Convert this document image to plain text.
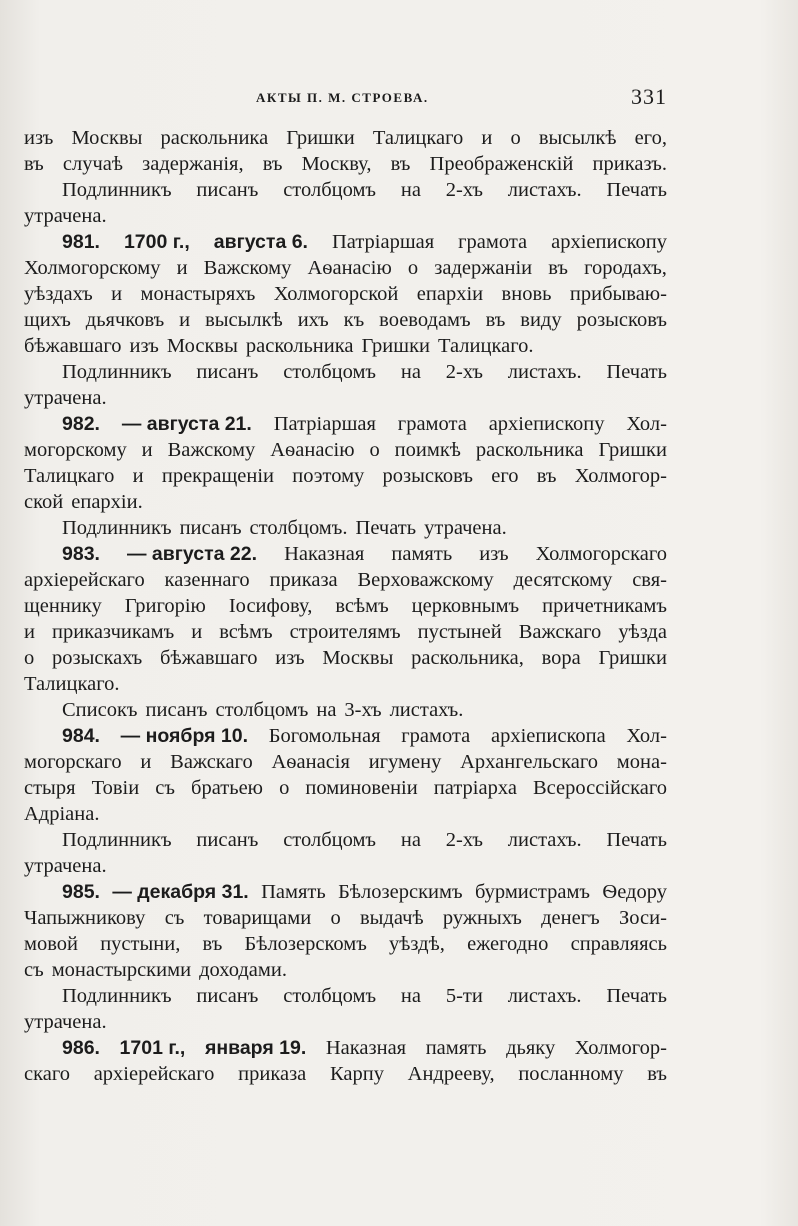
АКТЫ П. М. СТРОЕВА.	331
изъ Москвы раскольника Гришки Талицкаго и о высылкѣ его,
въ случаѣ задержанія, въ Москву, въ Преображенскій приказъ.
Подлинникъ писанъ столбцомъ на 2-хъ листахъ. Печать
утрачена.
981. 1700 г., августа 6. Патріаршая грамота архіепископу
Холмогорскому и Важскому Аѳанасію о задержаніи въ городахъ,
уѣздахъ и монастыряхъ Холмогорской епархіи вновь прибываю-
щихъ дьячковъ и высылкѣ ихъ къ воеводамъ въ виду розысковъ
бѣжавшаго изъ Москвы раскольника Гришки Талицкаго.
Подлинникъ писанъ столбцомъ на 2-хъ листахъ. Печать
утрачена.
982. — августа 21. Патріаршая грамота архіепископу Хол-
могорскому и Важскому Аѳанасію о поимкѣ раскольника Гришки
Талицкаго и прекращеніи поэтому розысковъ его въ Холмогор-
ской епархіи.
Подлинникъ писанъ столбцомъ. Печать утрачена.
983. — августа 22. Наказная память изъ Холмогорскаго
архіерейскаго казеннаго приказа Верховажскому десятскому свя-
щеннику Григорію Іосифову, всѣмъ церковнымъ причетникамъ
и приказчикамъ и всѣмъ строителямъ пустыней Важскаго уѣзда
о розыскахъ бѣжавшаго изъ Москвы раскольника, вора Гришки
Талицкаго.
Списокъ писанъ столбцомъ на 3-хъ листахъ.
984. — ноября 10. Богомольная грамота архіепископа Хол-
могорскаго и Важскаго Аѳанасія игумену Архангельскаго мона-
стыря Товіи съ братьею о поминовеніи патріарха Всероссійскаго
Адріана.
Подлинникъ писанъ столбцомъ на 2-хъ листахъ. Печать
утрачена.
985. — декабря 31. Память Бѣлозерскимъ бурмистрамъ Ѳедору
Чапыжникову съ товарищами о выдачѣ ружныхъ денегъ Зоси-
мовой пустыни, въ Бѣлозерскомъ уѣздѣ, ежегодно справляясь
съ монастырскими доходами.
Подлинникъ писанъ столбцомъ на 5-ти листахъ. Печать
утрачена.
986. 1701 г., января 19. Наказная память дьяку Холмогор-
скаго архіерейскаго приказа Карпу Андрееву, посланному въ
